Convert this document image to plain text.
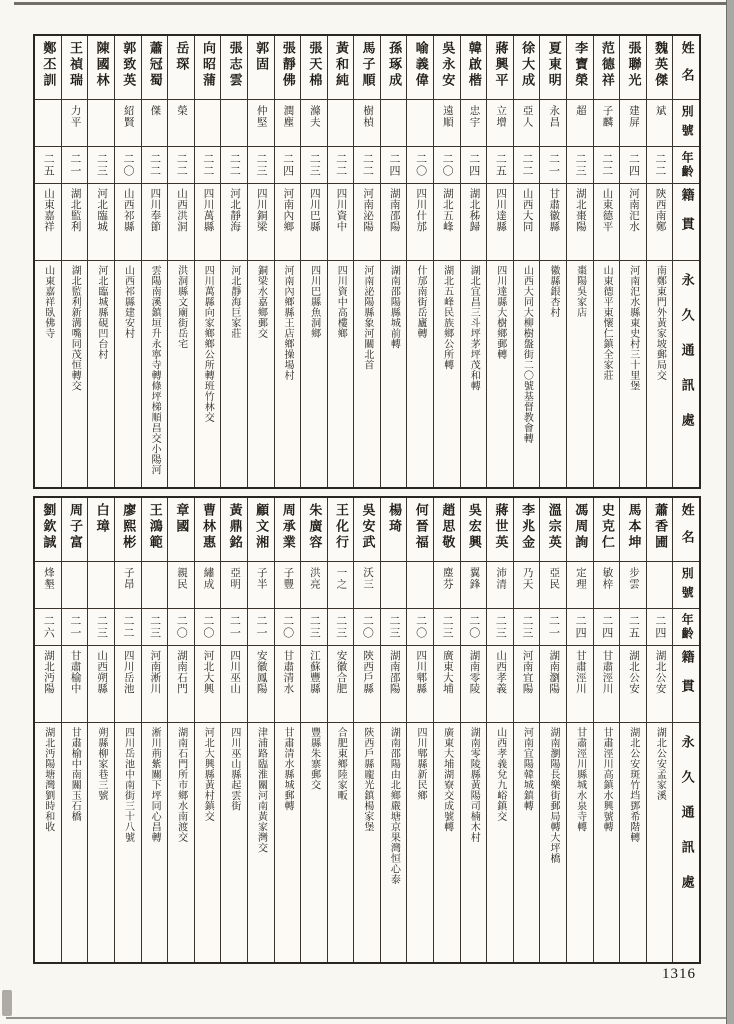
姓名
別號
年齡
籍貫
永久通訊處
魏英傑
斌
二二
陝西南鄭
南鄭東門外黃家坡郵局交
張聯光
建屏
二四
河南汜水
河南汜水縣東史村三十里堡
范德祥
子麟
二二
山東德平
山東德平東懷仁鎮全家莊
李寶榮
超
二三
湖北棗陽
棗陽吳家店
夏東明
永昌
二一
甘肅徽縣
徽縣銀杏村
徐大成
亞人
二二
山西大同
山西大同大柳樹盤街二〇號基督教會轉
蔣興平
立增
二五
四川達縣
四川達縣大樹鄉郵轉
韓啟楷
忠宇
二四
湖北秭歸
湖北宜昌三斗坪茅坪茂和轉
吳永安
遠順
二〇
湖北五峰
湖北五峰民族鄉公所轉
喻義偉
二〇
四川什邡
什邡南街岳廬轉
孫琢成
二四
湖南邵陽
湖南邵陽縣城前轉
馬子順
樹楨
二二
河南泌陽
河南泌陽縣象河關北首
黃和純
二二
四川資中
四川資中高樓鄉
張天棉
滌夫
二三
四川巴縣
四川巴縣魚洞鄉
張靜佛
潤塵
二四
河南內鄉
河南內鄉縣王店鄉操場村
郭固
仲堅
二三
四川銅梁
銅梁水嘉鄉郵交
張志雲
二二
河北靜海
河北靜海巨家莊
向昭蒲
二二
四川萬縣
四川萬縣向家鄉鄉公所轉班竹林交
岳琛
榮
二二
山西洪洞
洪洞縣文廟街岳宅
蕭冠蜀
傑
二二
四川奉節
雲陽南溪鎮垣升永寧寺轉條坪梯順昌交小陽河
郭致英
紹賢
二〇
山西祁縣
山西祁縣建安村
陳國林
二三
河北臨城
河北臨城縣硯凹台村
王禎瑞
力平
二一
湖北監利
湖北監利新溝嘴同茂恒轉交
鄭丕訓
二五
山東嘉祥
山東嘉祥臥佛寺
姓名
別號
年齡
籍貫
永久通訊處
蕭香圃
二四
湖北公安
湖北公安孟家溪
馬本坤
步雲
二五
湖北公安
湖北公安斑竹垱鄧希階轉
史克仁
敏梓
二四
甘肅涇川
甘肅涇川高鎮水興號轉
馮周詢
定理
二四
甘肅涇川
甘肅涇川縣城水泉寺轉
溫宗英
亞民
二一
湖南瀏陽
湖南瀏陽長樂街郵局轉大坪橋
李兆金
乃天
二三
河南宜陽
河南宜陽韓城鎮轉
蔣世英
沛清
二三
山西孝義
山西孝義兌九峪鎮交
吳宏興
翼鋒
二〇
湖南零陵
湖南零陵縣黃陽司楠木村
趙思敬
塵芬
二三
廣東大埔
廣東大埔湖寮交成號轉
何晉福
二〇
四川郫縣
四川郫縣新民鄉
楊琦
二三
湖南邵陽
湖南邵陽由北鄉嚴塘京果灣恒心泰
吳安武
沃三
二〇
陝西戶縣
陝西戶縣龐光鎮楊家堡
王化行
一之
二三
安徽合肥
合肥東鄉陸家畈
朱廣容
洪亮
二三
江蘇豐縣
豐縣朱寨郵交
周承業
子豐
二〇
甘肅清水
甘肅清水縣城郵轉
顧文湘
子半
二一
安徽鳳陽
津浦路臨淮關河南黃家灣交
黃鼎銘
亞明
二一
四川巫山
四川巫山縣起雲街
曹林惠
繡成
二〇
河北大興
河北大興縣黃村鎮交
章國
親民
二〇
湖南石門
湖南石門所市鄉水南渡交
王鴻範
二三
河南淅川
淅川荊紫關下坪同心昌轉
廖熙彬
子昂
二二
四川岳池
四川岳池中南街三十八號
白璋
二三
山西朔縣
朔縣柳家巷三號
周子富
二一
甘肅榆中
甘肅榆中南關玉石橋
劉欽誠
烽墾
二六
湖北沔陽
湖北沔陽塘灣劉時和收
1316
